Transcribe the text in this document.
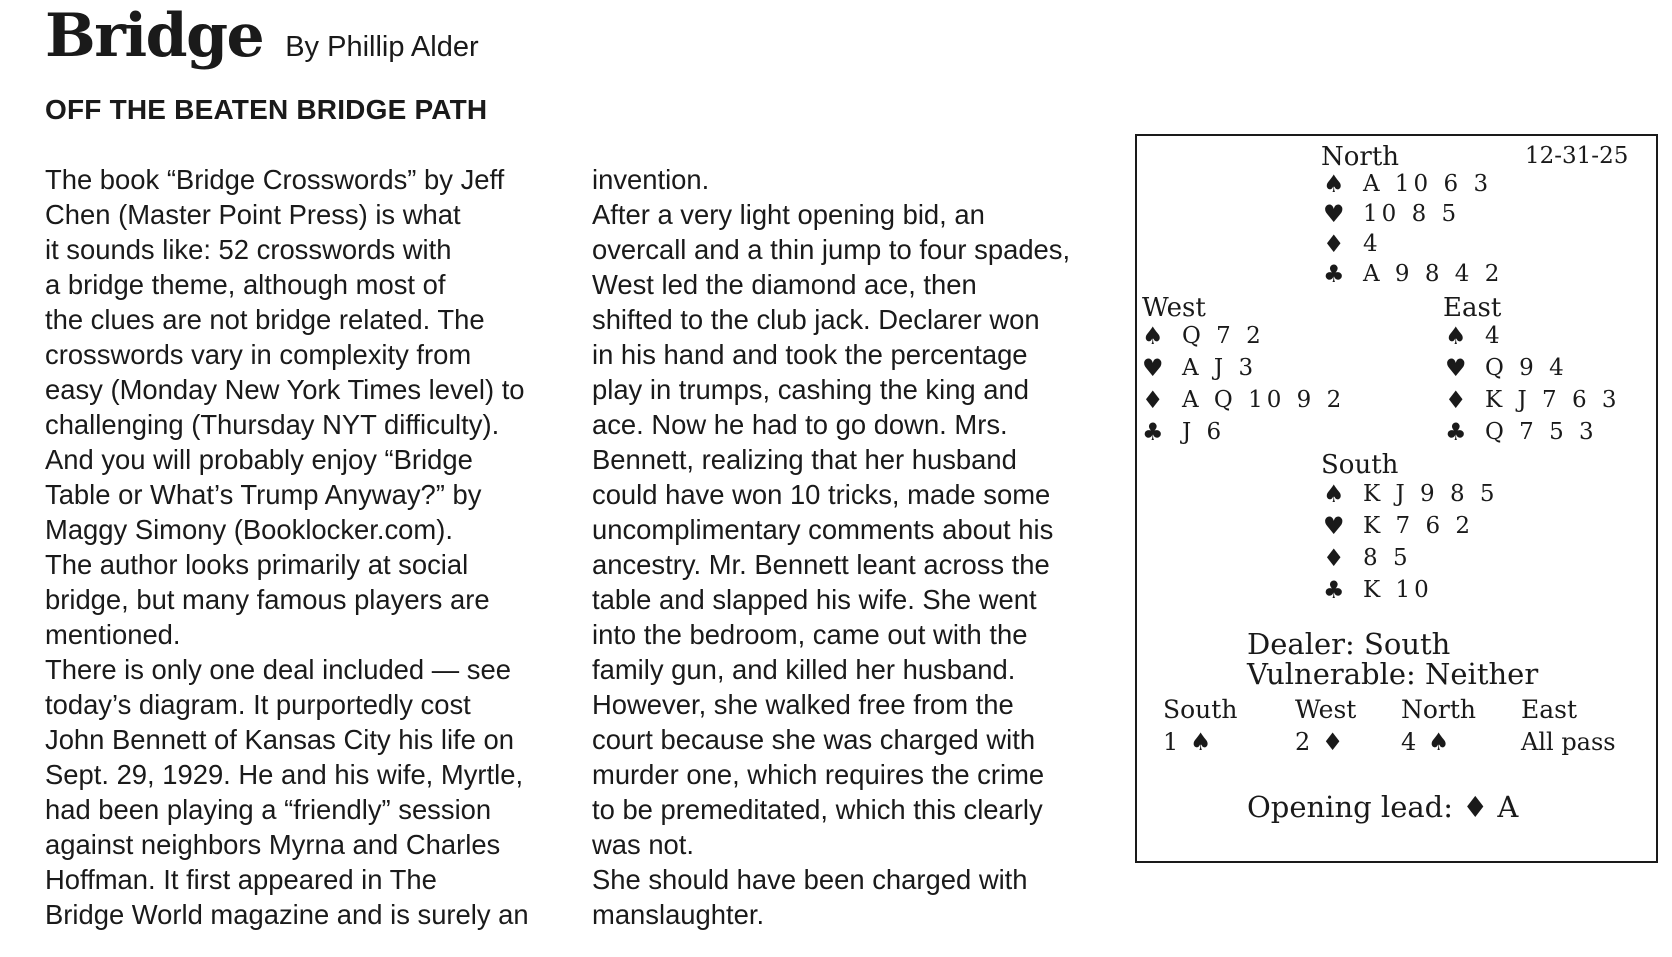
Bridge By Phillip Alder
OFF THE BEATEN BRIDGE PATH

The book “Bridge Crosswords” by Jeff

Chen (Master Point Press) is what

it sounds like: 52 crosswords with

a bridge theme, although most of

the clues are not bridge related. The

crosswords vary in complexity from

easy (Monday New York Times level) to

challenging (Thursday NYT difficulty).

And you will probably enjoy “Bridge

Table or What’s Trump Anyway?” by

Maggy Simony (Booklocker.com).

The author looks primarily at social

bridge, but many famous players are

mentioned.

There is only one deal included — see

today’s diagram. It purportedly cost

John Bennett of Kansas City his life on

Sept. 29, 1929. He and his wife, Myrtle,

had been playing a “friendly” session

against neighbors Myrna and Charles

Hoffman. It first appeared in The

Bridge World magazine and is surely an

invention.

After a very light opening bid, an

overcall and a thin jump to four spades,

West led the diamond ace, then

shifted to the club jack. Declarer won

in his hand and took the percentage

play in trumps, cashing the king and

ace. Now he had to go down. Mrs.

Bennett, realizing that her husband

could have won 10 tricks, made some

uncomplimentary comments about his

ancestry. Mr. Bennett leant across the

table and slapped his wife. She went

into the bedroom, came out with the

family gun, and killed her husband.

However, she walked free from the

court because she was charged with

murder one, which requires the crime

to be premeditated, which this clearly

was not.

She should have been charged with

manslaughter.

North	12-31-25
♠ A 10 6 3
♥ 10 8 5
♦ 4
♣ A 9 8 4 2
West
♠ Q 7 2
♥ A J 3
♦ A Q 10 9 2
♣ J 6
East
♠ 4
♥ Q 9 4
♦ K J 7 6 3
♣ Q 7 5 3
South
♠ K J 9 8 5
♥ K 7 6 2
♦ 8 5
♣ K 10
Dealer: South
Vulnerable: Neither
South West North East
1 ♠	2 ♦ 4 ♠	All pass
Opening lead: ♦ A
